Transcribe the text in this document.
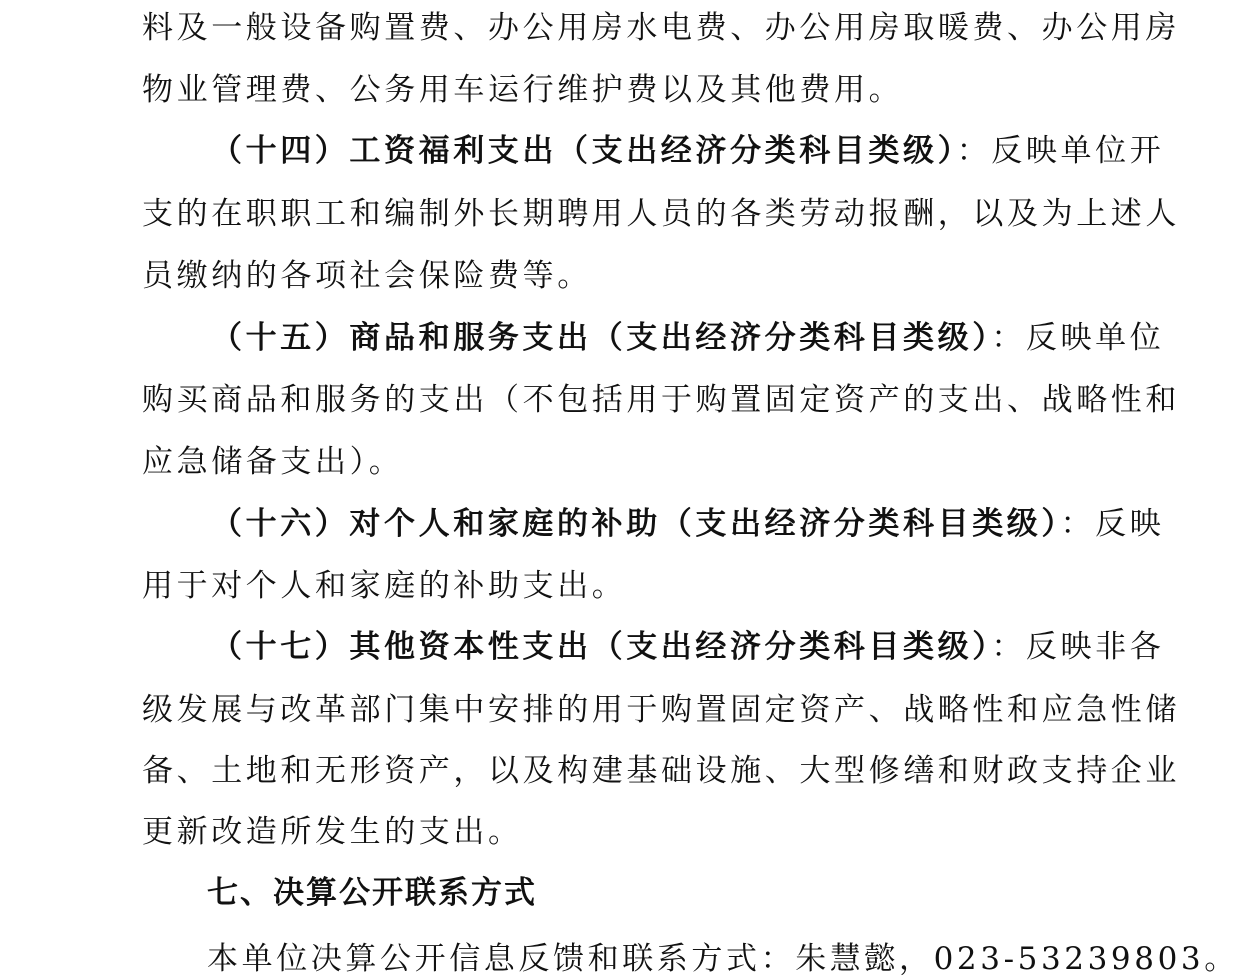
料及一般设备购置费、办公用房水电费、办公用房取暖费、办公用房
物业管理费、公务用车运行维护费以及其他费用。
（十四）工资福利支出（支出经济分类科目类级）：反映单位开
支的在职职工和编制外长期聘用人员的各类劳动报酬，以及为上述人
员缴纳的各项社会保险费等。
（十五）商品和服务支出（支出经济分类科目类级）：反映单位
购买商品和服务的支出（不包括用于购置固定资产的支出、战略性和
应急储备支出）。
（十六）对个人和家庭的补助（支出经济分类科目类级）：反映
用于对个人和家庭的补助支出。
（十七）其他资本性支出（支出经济分类科目类级）：反映非各
级发展与改革部门集中安排的用于购置固定资产、战略性和应急性储
备、土地和无形资产，以及构建基础设施、大型修缮和财政支持企业
更新改造所发生的支出。
七、决算公开联系方式
本单位决算公开信息反馈和联系方式：朱慧懿，023-53239803。
